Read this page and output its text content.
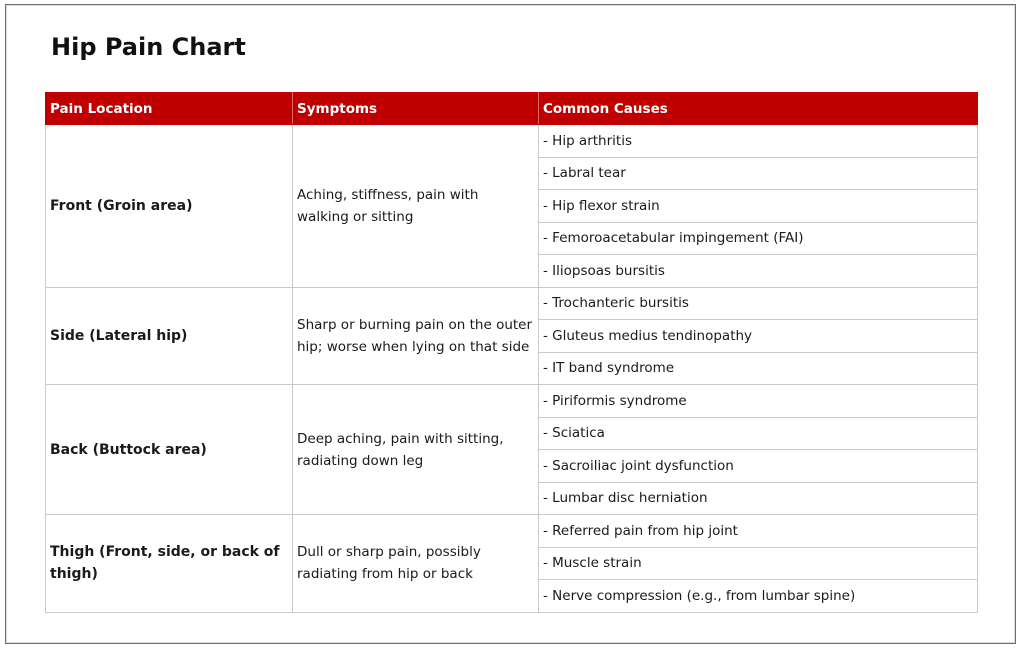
Hip Pain Chart
Pain Location	Symptoms	Common Causes
Front (Groin area)	Aching, stiffness, pain with walking or sitting	- Hip arthritis
		- Labral tear
		- Hip flexor strain
		- Femoroacetabular impingement (FAI)
		- Iliopsoas bursitis
Side (Lateral hip)	Sharp or burning pain on the outer hip; worse when lying on that side	- Trochanteric bursitis
		- Gluteus medius tendinopathy
		- IT band syndrome
Back (Buttock area)	Deep aching, pain with sitting, radiating down leg	- Piriformis syndrome
		- Sciatica
		- Sacroiliac joint dysfunction
		- Lumbar disc herniation
Thigh (Front, side, or back of thigh)	Dull or sharp pain, possibly radiating from hip or back	- Referred pain from hip joint
		- Muscle strain
		- Nerve compression (e.g., from lumbar spine)
